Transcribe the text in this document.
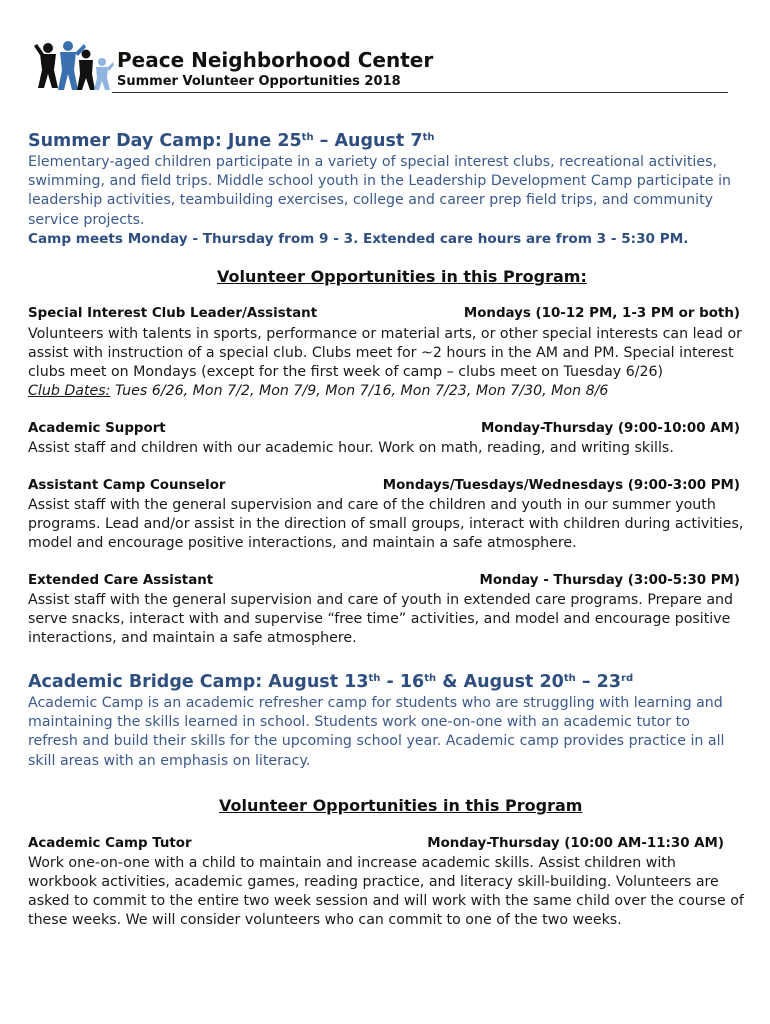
Peace Neighborhood Center
Summer Volunteer Opportunities 2018
Summer Day Camp: June 25th – August 7th
Elementary-aged children participate in a variety of special interest clubs, recreational activities, swimming, and field trips. Middle school youth in the Leadership Development Camp participate in leadership activities, teambuilding exercises, college and career prep field trips, and community service projects.
Camp meets Monday - Thursday from 9 - 3. Extended care hours are from 3 - 5:30 PM.
Volunteer Opportunities in this Program:
Special Interest Club Leader/Assistant	Mondays (10-12 PM, 1-3 PM or both)
Volunteers with talents in sports, performance or material arts, or other special interests can lead or assist with instruction of a special club. Clubs meet for ~2 hours in the AM and PM. Special interest clubs meet on Mondays (except for the first week of camp – clubs meet on Tuesday 6/26)
Club Dates: Tues 6/26, Mon 7/2, Mon 7/9, Mon 7/16, Mon 7/23, Mon 7/30, Mon 8/6
Academic Support	Monday-Thursday (9:00-10:00 AM)
Assist staff and children with our academic hour. Work on math, reading, and writing skills.
Assistant Camp Counselor	Mondays/Tuesdays/Wednesdays (9:00-3:00 PM)
Assist staff with the general supervision and care of the children and youth in our summer youth programs. Lead and/or assist in the direction of small groups, interact with children during activities, model and encourage positive interactions, and maintain a safe atmosphere.
Extended Care Assistant	Monday - Thursday (3:00-5:30 PM)
Assist staff with the general supervision and care of youth in extended care programs. Prepare and serve snacks, interact with and supervise “free time” activities, and model and encourage positive interactions, and maintain a safe atmosphere.
Academic Bridge Camp: August 13th - 16th & August 20th – 23rd
Academic Camp is an academic refresher camp for students who are struggling with learning and maintaining the skills learned in school. Students work one-on-one with an academic tutor to refresh and build their skills for the upcoming school year. Academic camp provides practice in all skill areas with an emphasis on literacy.
Volunteer Opportunities in this Program
Academic Camp Tutor	Monday-Thursday (10:00 AM-11:30 AM)
Work one-on-one with a child to maintain and increase academic skills. Assist children with workbook activities, academic games, reading practice, and literacy skill-building. Volunteers are asked to commit to the entire two week session and will work with the same child over the course of these weeks. We will consider volunteers who can commit to one of the two weeks.
